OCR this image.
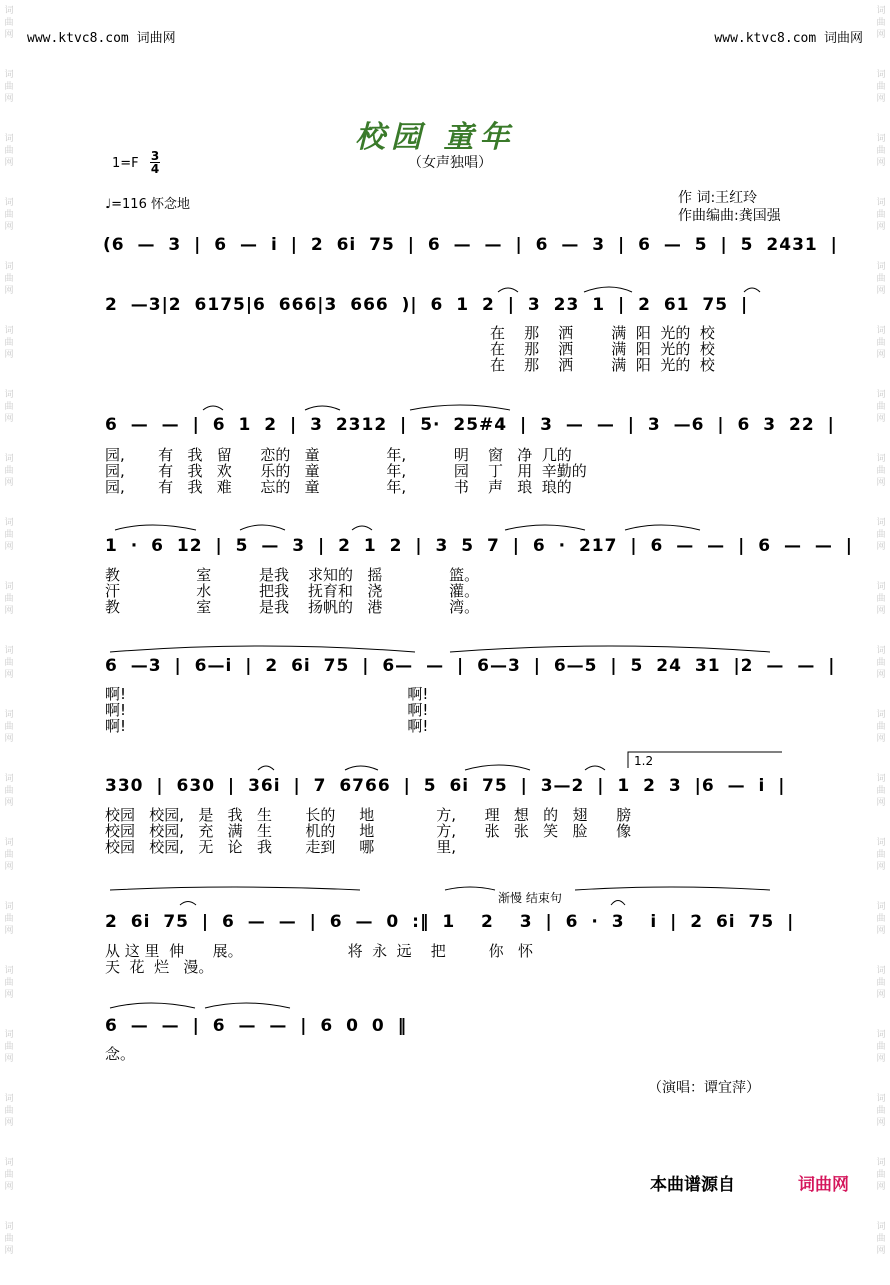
词
曲
网
词
曲
网
词
曲
网
词
曲
网
词
曲
网
词
曲
网
词
曲
网
词
曲
网
词
曲
网
词
曲
网
词
曲
网
词
曲
网
词
曲
网
词
曲
网
词
曲
网
词
曲
网
词
曲
网
词
曲
网
词
曲
网
词
曲
网
词
曲
网
词
曲
网
词
曲
网
词
曲
网
词
曲
网
词
曲
网
词
曲
网
词
曲
网
词
曲
网
词
曲
网
词
曲
网
词
曲
网
词
曲
网
词
曲
网
词
曲
网
词
曲
网
词
曲
网
词
曲
网
词
曲
网
词
曲
网
www.ktvc8.com 词曲网	www.ktvc8.com 词曲网
校园 童年
（女声独唱）
1=F 3
4
♩=116 怀念地	作 词:王红玲
作曲编曲:龚国强
(6 — 3 | 6 — i | 2 6i 75 | 6 — — | 6 — 3 | 6 — 5 | 5 2431 |
2 —3|2 6175|6 666|3 666 )| 6 1 2 | 3 23 1 | 2 61 75 |
在    那    洒        满  阳  光的  校
在    那    洒        满  阳  光的  校
在    那    洒        满  阳  光的  校
6 — — | 6 1 2 | 3 2312 | 5· 25#4 | 3 — — | 3 —6 | 6 3 22 |
园,       有   我   留      恋的   童              年,          明    窗   净  几的
园,       有   我   欢      乐的   童              年,          园    丁   用  辛勤的
园,       有   我   难      忘的   童              年,          书    声   琅  琅的
1 · 6 12 | 5 — 3 | 2 1 2 | 3 5 7 | 6 · 217 | 6 — — | 6 — — |
教                室          是我    求知的   摇              篮。
汗                水          把我    抚育和   浇              灌。
教                室          是我    扬帆的   港              湾。
6 —3 | 6—i | 2 6i 75 | 6— — | 6—3 | 6—5 | 5 24 31 |2 — — |
啊!                                                           啊!
啊!                                                           啊!
啊!                                                           啊!
1.2
330 | 630 | 36i | 7 6766 | 5 6i 75 | 3—2 | 1 2 3 |6 — i |
校园   校园,   是   我   生       长的     地             方,      理   想   的   翅      膀
校园   校园,   充   满   生       机的     地             方,      张   张   笑   脸      像
校园   校园,   无   论   我       走到     哪             里,
渐慢 结束句
2 6i 75 | 6 — — | 6 — 0 :‖ 1  2  3 | 6 · 3  i | 2 6i 75 |
从 这 里  伸      展。                      将  永  远    把         你   怀
天  花  烂   漫。
6 — — | 6 — — | 6 0 0 ‖
念。
（演唱：谭宜萍）
本曲谱源自	词曲网
